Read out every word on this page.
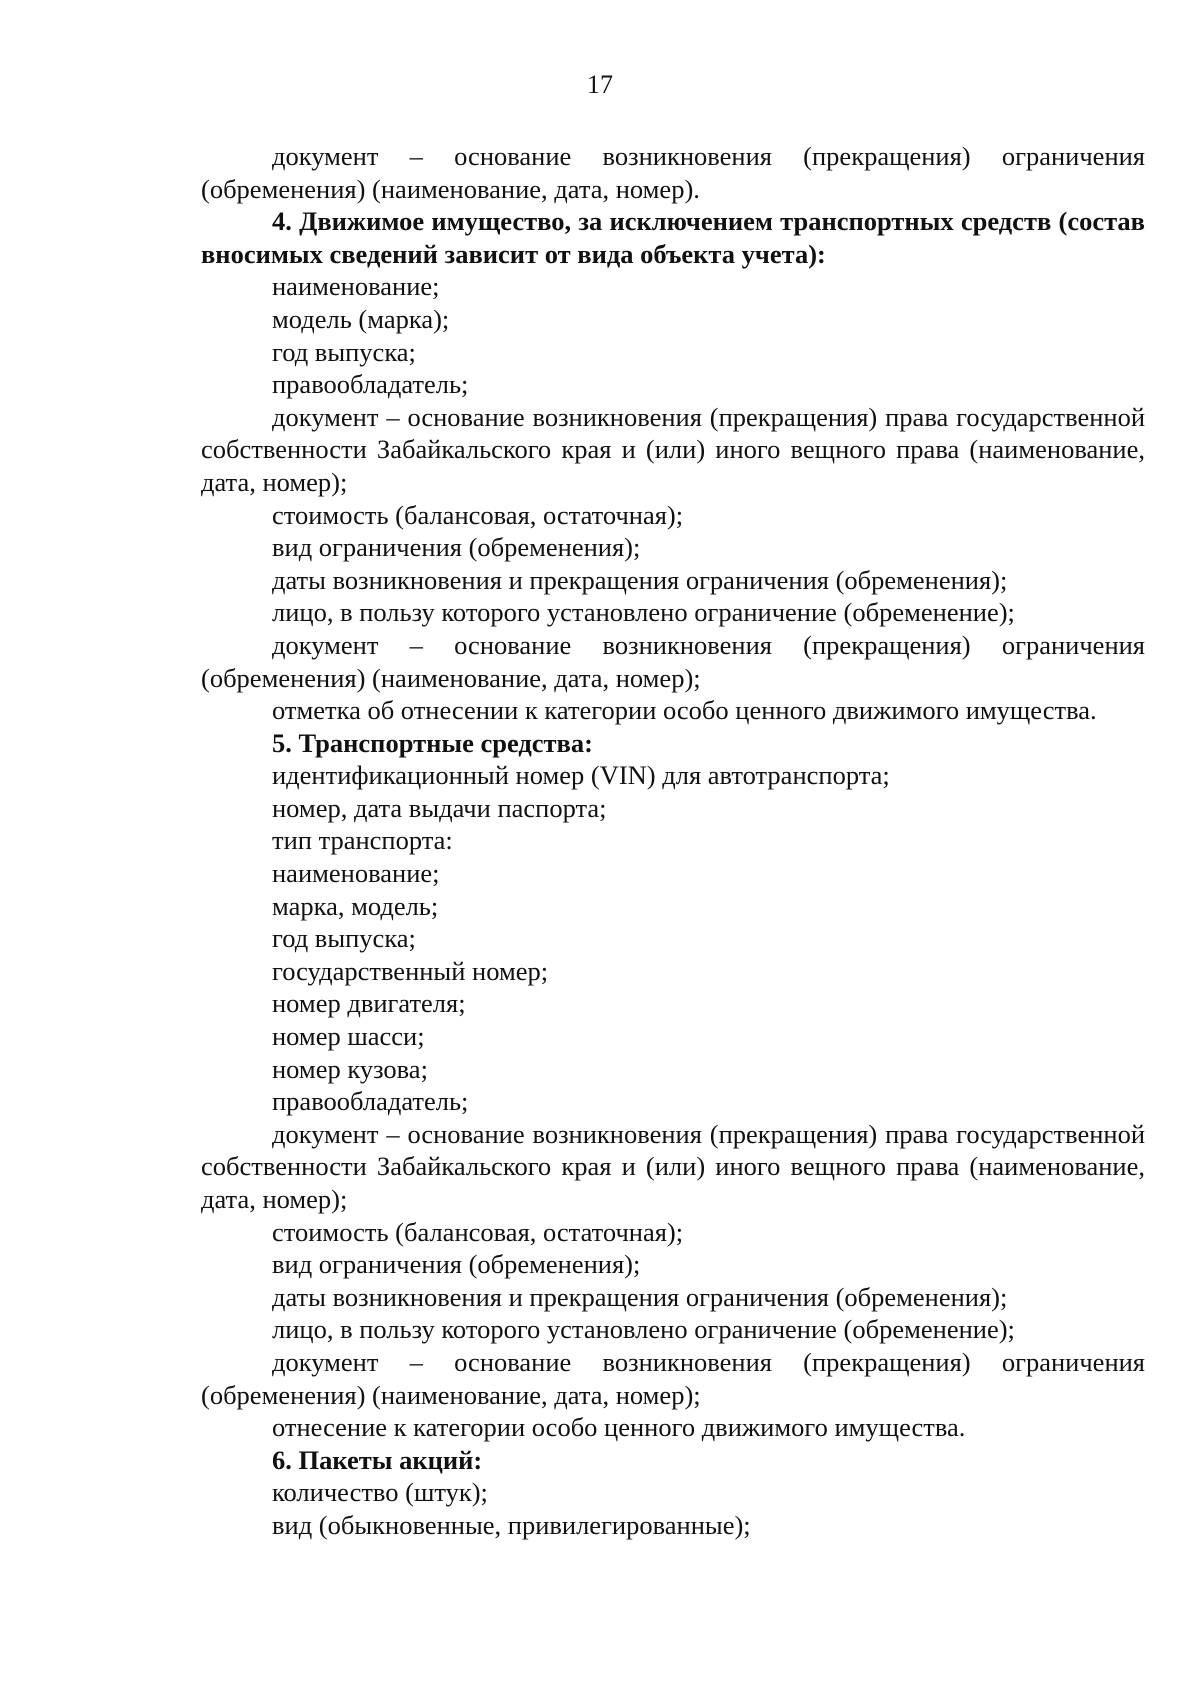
17

документ – основание возникновения (прекращения) ограничения (обременения) (наименование, дата, номер).

4. Движимое имущество, за исключением транспортных средств (состав вносимых сведений зависит от вида объекта учета):

наименование;

модель (марка);

год выпуска;

правообладатель;

документ – основание возникновения (прекращения) права государственной собственности Забайкальского края и (или) иного вещного права (наименование, дата, номер);

стоимость (балансовая, остаточная);

вид ограничения (обременения);

даты возникновения и прекращения ограничения (обременения);

лицо, в пользу которого установлено ограничение (обременение);

документ – основание возникновения (прекращения) ограничения (обременения) (наименование, дата, номер);

отметка об отнесении к категории особо ценного движимого имущества.

5. Транспортные средства:

идентификационный номер (VIN) для автотранспорта;

номер, дата выдачи паспорта;

тип транспорта:

наименование;

марка, модель;

год выпуска;

государственный номер;

номер двигателя;

номер шасси;

номер кузова;

правообладатель;

документ – основание возникновения (прекращения) права государственной собственности Забайкальского края и (или) иного вещного права (наименование, дата, номер);

стоимость (балансовая, остаточная);

вид ограничения (обременения);

даты возникновения и прекращения ограничения (обременения);

лицо, в пользу которого установлено ограничение (обременение);

документ – основание возникновения (прекращения) ограничения (обременения) (наименование, дата, номер);

отнесение к категории особо ценного движимого имущества.

6. Пакеты акций:

количество (штук);

вид (обыкновенные, привилегированные);
